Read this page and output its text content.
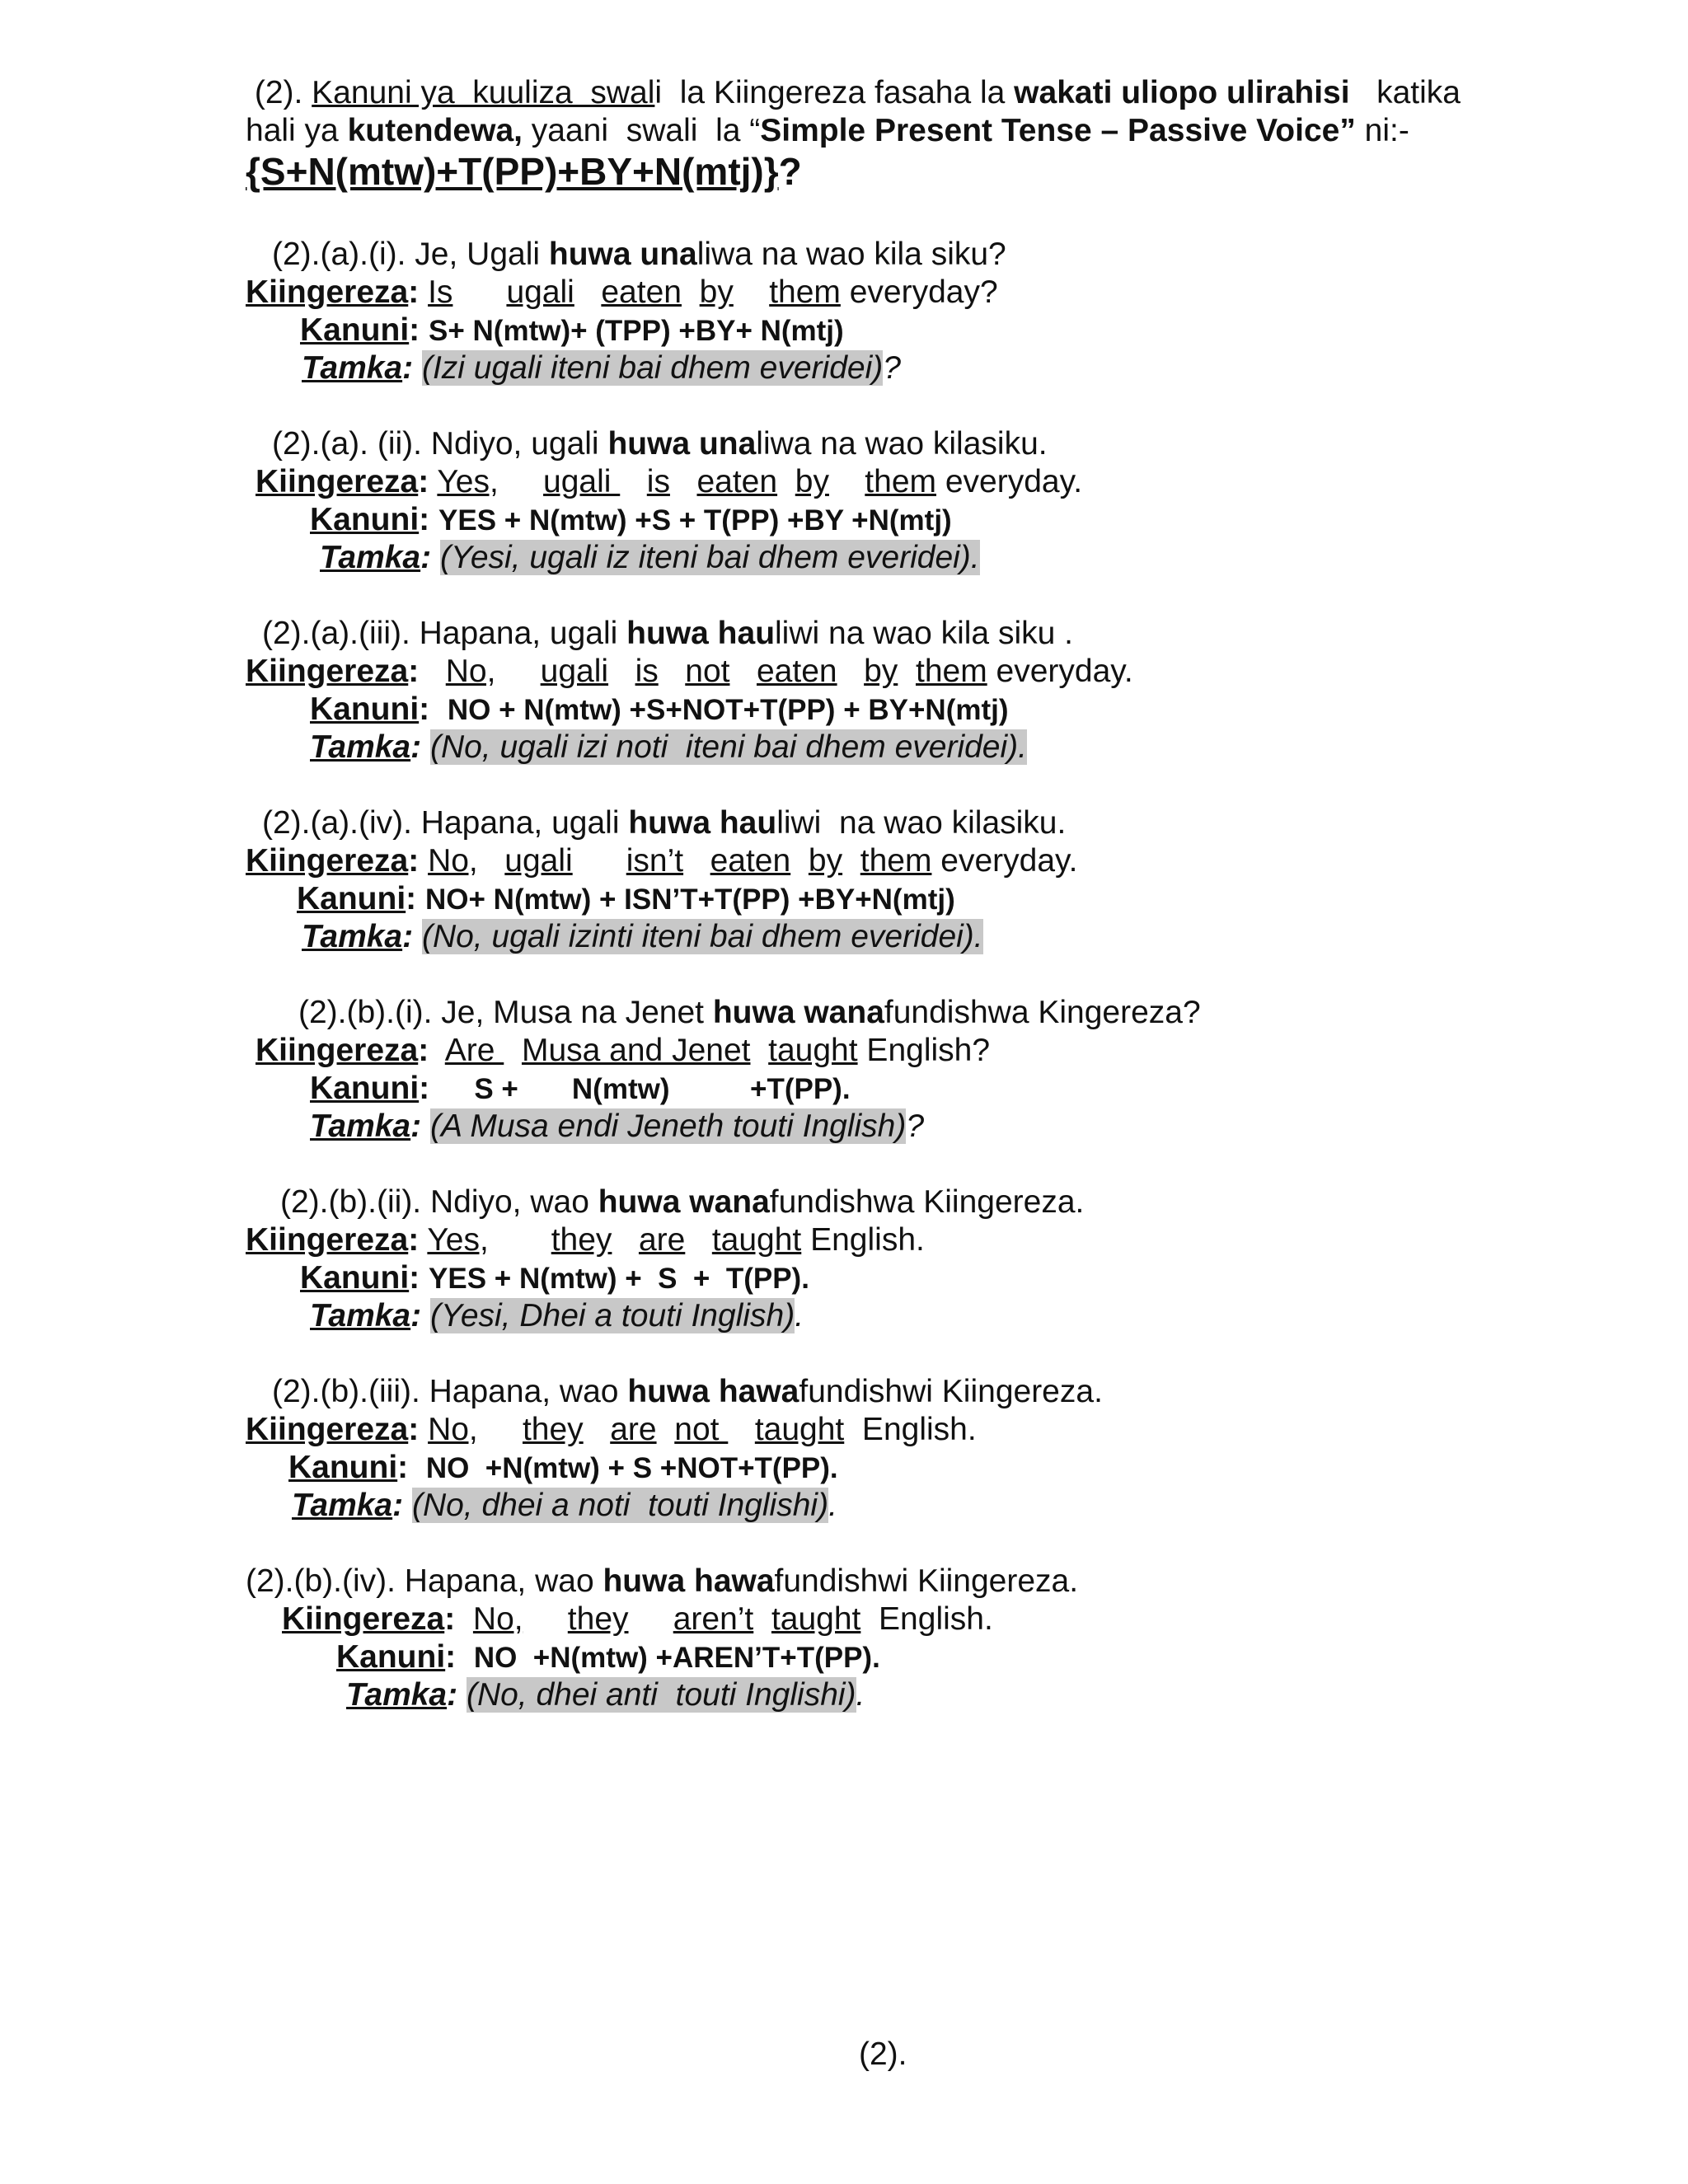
(2). Kanuni ya  kuuliza  swali  la Kiingereza fasaha la wakati uliopo ulirahisi   katika
hali ya kutendewa, yaani  swali  la “Simple Present Tense – Passive Voice” ni:-
{S+N(mtw)+T(PP)+BY+N(mtj)}?
(2).(a).(i). Je, Ugali huwa unaliwa na wao kila siku?
Kiingereza: Is ugali eaten by them everyday?
Kanuni: S+ N(mtw)+ (TPP) +BY+ N(mtj)
Tamka: (Izi ugali iteni bai dhem everidei)?
(2).(a). (ii). Ndiyo, ugali huwa unaliwa na wao kilasiku.
Kiingereza: Yes, ugali    is eaten by them everyday.
Kanuni: YES + N(mtw) +S + T(PP) +BY +N(mtj)
Tamka: (Yesi, ugali iz iteni bai dhem everidei).
(2).(a).(iii). Hapana, ugali huwa hauliwi na wao kila siku .
Kiingereza: No, ugali is not eaten by them everyday.
Kanuni: NO + N(mtw) +S+NOT+T(PP) + BY+N(mtj)
Tamka: (No, ugali izi noti  iteni bai dhem everidei).
(2).(a).(iv). Hapana, ugali huwa hauliwi  na wao kilasiku.
Kiingereza: No, ugali isn’t eaten by them everyday.
Kanuni: NO+ N(mtw) + ISN’T+T(PP) +BY+N(mtj)
Tamka: (No, ugali izinti iteni bai dhem everidei).
(2).(b).(i). Je, Musa na Jenet huwa wanafundishwa Kingereza?
Kiingereza: Are   Musa and Jenet taught English?
Kanuni: S + N(mtw)	+T(PP).
Tamka: (A Musa endi Jeneth touti Inglish)?
(2).(b).(ii). Ndiyo, wao huwa wanafundishwa Kiingereza.
Kiingereza: Yes, they are taught English.
Kanuni: YES + N(mtw) +  S  +  T(PP).
Tamka: (Yesi, Dhei a touti Inglish).
(2).(b).(iii). Hapana, wao huwa hawafundishwi Kiingereza.
Kiingereza: No, they are not    taught  English.
Kanuni: NO  +N(mtw) + S +NOT+T(PP).
Tamka: (No, dhei a noti  touti Inglishi).
(2).(b).(iv). Hapana, wao huwa hawafundishwi Kiingereza.
Kiingereza: No, they aren’t taught  English.
Kanuni: NO  +N(mtw) +AREN’T+T(PP).
Tamka: (No, dhei anti  touti Inglishi).
(2).
